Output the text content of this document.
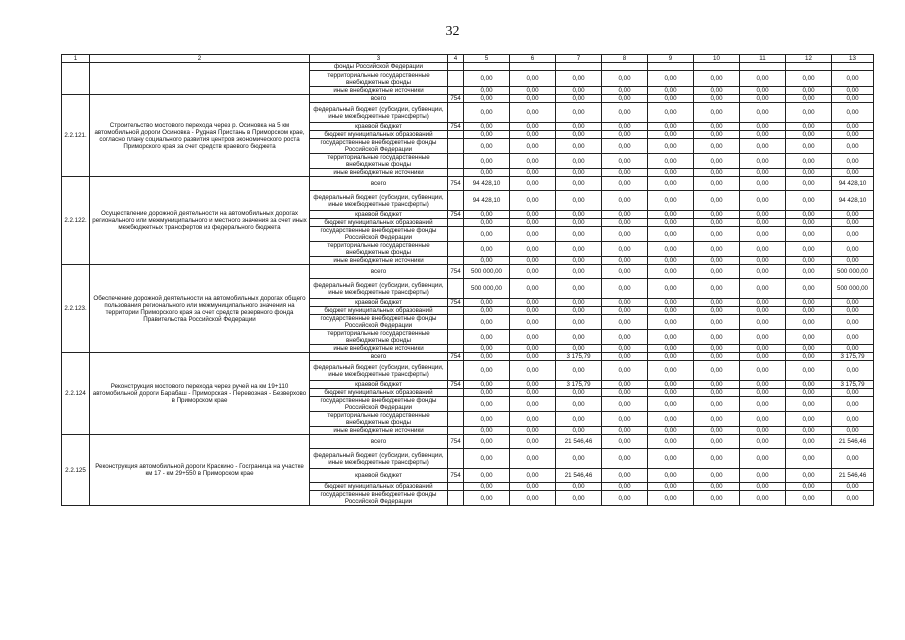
32
1	2	3	4	5	6	7	8	9	10	11	12	13
		фонды Российской Федерации										
		территориальные государственные внебюджетные фонды		0,00	0,00	0,00	0,00	0,00	0,00	0,00	0,00	0,00
		иные внебюджетные источники		0,00	0,00	0,00	0,00	0,00	0,00	0,00	0,00	0,00
2.2.121.	Строительство мостового перехода через р. Осиновка на 5 км автомобильной дороги Осиновка - Рудная Пристань в Приморском крае, согласно плану социального развития центров экономического роста Приморского края за счет средств краевого бюджета	всего	754	0,00	0,00	0,00	0,00	0,00	0,00	0,00	0,00	0,00
		федеральный бюджет (субсидии, субвенции, иные межбюджетные трансферты)		0,00	0,00	0,00	0,00	0,00	0,00	0,00	0,00	0,00
		краевой бюджет	754	0,00	0,00	0,00	0,00	0,00	0,00	0,00	0,00	0,00
		бюджет муниципальных образований		0,00	0,00	0,00	0,00	0,00	0,00	0,00	0,00	0,00
		государственные внебюджетные фонды Российской Федерации		0,00	0,00	0,00	0,00	0,00	0,00	0,00	0,00	0,00
		территориальные государственные внебюджетные фонды		0,00	0,00	0,00	0,00	0,00	0,00	0,00	0,00	0,00
		иные внебюджетные источники		0,00	0,00	0,00	0,00	0,00	0,00	0,00	0,00	0,00
2.2.122.	Осуществление дорожной деятельности на автомобильных дорогах регионального или межмуниципального и местного значения за счет иных межбюджетных трансфертов из федерального бюджета	всего	754	94 428,10	0,00	0,00	0,00	0,00	0,00	0,00	0,00	94 428,10
		федеральный бюджет (субсидии, субвенции, иные межбюджетные трансферты)		94 428,10	0,00	0,00	0,00	0,00	0,00	0,00	0,00	94 428,10
		краевой бюджет	754	0,00	0,00	0,00	0,00	0,00	0,00	0,00	0,00	0,00
		бюджет муниципальных образований		0,00	0,00	0,00	0,00	0,00	0,00	0,00	0,00	0,00
		государственные внебюджетные фонды Российской Федерации		0,00	0,00	0,00	0,00	0,00	0,00	0,00	0,00	0,00
		территориальные государственные внебюджетные фонды		0,00	0,00	0,00	0,00	0,00	0,00	0,00	0,00	0,00
		иные внебюджетные источники		0,00	0,00	0,00	0,00	0,00	0,00	0,00	0,00	0,00
2.2.123.	Обеспечение дорожной деятельности на автомобильных дорогах общего пользования регионального или межмуниципального значения на территории Приморского края за счет средств резервного фонда Правительства Российской Федерации	всего	754	500 000,00	0,00	0,00	0,00	0,00	0,00	0,00	0,00	500 000,00
		федеральный бюджет (субсидии, субвенции, иные межбюджетные трансферты)		500 000,00	0,00	0,00	0,00	0,00	0,00	0,00	0,00	500 000,00
		краевой бюджет	754	0,00	0,00	0,00	0,00	0,00	0,00	0,00	0,00	0,00
		бюджет муниципальных образований		0,00	0,00	0,00	0,00	0,00	0,00	0,00	0,00	0,00
		государственные внебюджетные фонды Российской Федерации		0,00	0,00	0,00	0,00	0,00	0,00	0,00	0,00	0,00
		территориальные государственные внебюджетные фонды		0,00	0,00	0,00	0,00	0,00	0,00	0,00	0,00	0,00
		иные внебюджетные источники		0,00	0,00	0,00	0,00	0,00	0,00	0,00	0,00	0,00
2.2.124	Реконструкция мостового перехода через ручей на км 19+110 автомобильной дороги Барабаш - Приморская - Перевозная - Безверхово в Приморском крае	всего	754	0,00	0,00	3 175,79	0,00	0,00	0,00	0,00	0,00	3 175,79
		федеральный бюджет (субсидии, субвенции, иные межбюджетные трансферты)		0,00	0,00	0,00	0,00	0,00	0,00	0,00	0,00	0,00
		краевой бюджет	754	0,00	0,00	3 175,79	0,00	0,00	0,00	0,00	0,00	3 175,79
		бюджет муниципальных образований		0,00	0,00	0,00	0,00	0,00	0,00	0,00	0,00	0,00
		государственные внебюджетные фонды Российской Федерации		0,00	0,00	0,00	0,00	0,00	0,00	0,00	0,00	0,00
		территориальные государственные внебюджетные фонды		0,00	0,00	0,00	0,00	0,00	0,00	0,00	0,00	0,00
		иные внебюджетные источники		0,00	0,00	0,00	0,00	0,00	0,00	0,00	0,00	0,00
2.2.125	Реконструкция автомобильной дороги Краскино - Госграница на участке км 17 - км 29+550 в Приморском крае	всего	754	0,00	0,00	21 546,46	0,00	0,00	0,00	0,00	0,00	21 546,46
		федеральный бюджет (субсидии, субвенции, иные межбюджетные трансферты)		0,00	0,00	0,00	0,00	0,00	0,00	0,00	0,00	0,00
		краевой бюджет	754	0,00	0,00	21 546,46	0,00	0,00	0,00	0,00	0,00	21 546,46
		бюджет муниципальных образований		0,00	0,00	0,00	0,00	0,00	0,00	0,00	0,00	0,00
		государственные внебюджетные фонды Российской Федерации		0,00	0,00	0,00	0,00	0,00	0,00	0,00	0,00	0,00
